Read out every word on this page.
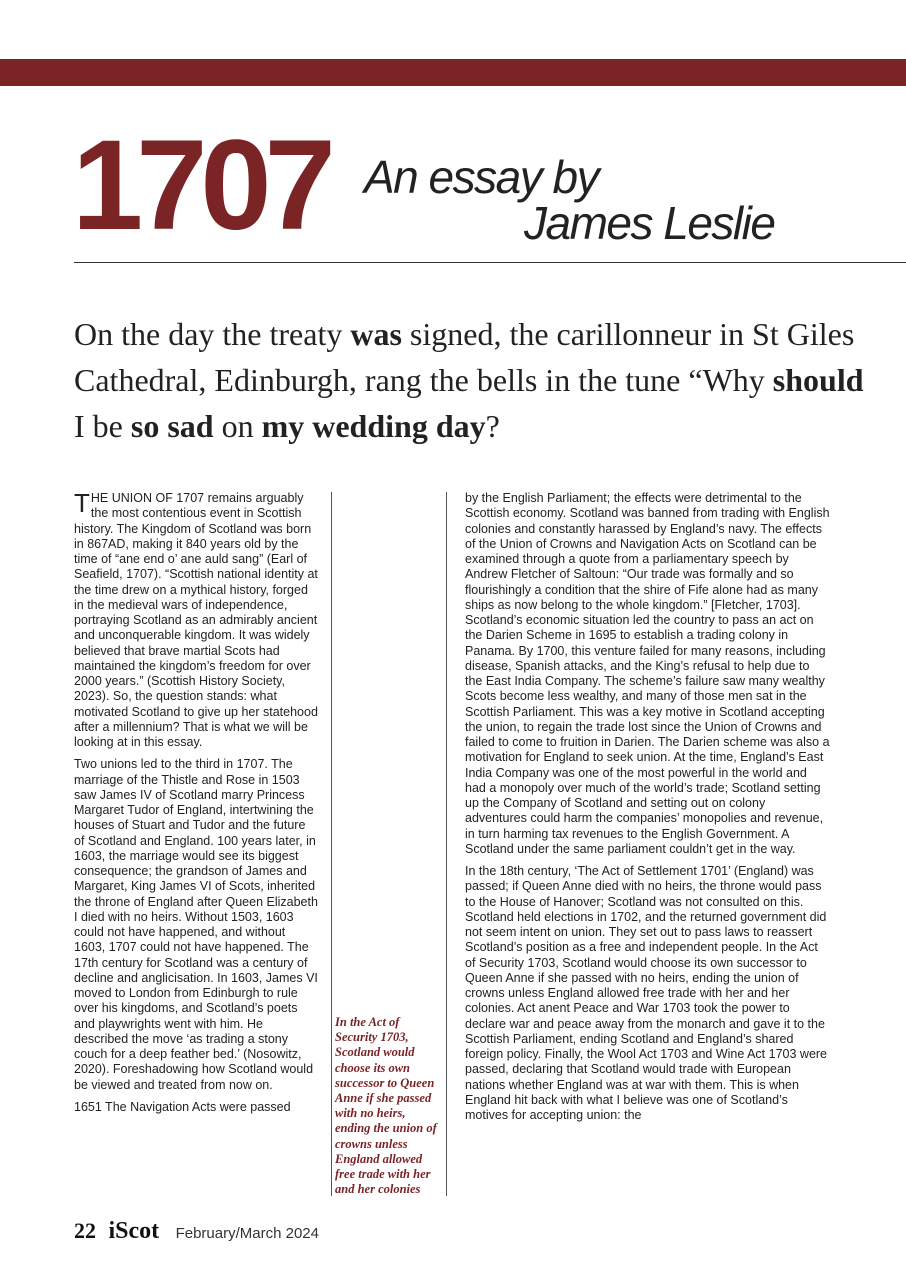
1707 An essay by
James Leslie

On the day the treaty was signed, the carillonneur in St Giles Cathedral, Edinburgh, rang the bells in the tune “Why should I be so sad on my wedding day?

THE UNION OF 1707 remains arguably the most contentious event in Scottish history. The Kingdom of Scotland was born in 867AD, making it 840 years old by the time of “ane end o’ ane auld sang” (Earl of Seafield, 1707). “Scottish national identity at the time drew on a mythical history, forged in the medieval wars of independence, portraying Scotland as an admirably ancient and unconquerable kingdom. It was widely believed that brave martial Scots had maintained the kingdom’s freedom for over 2000 years.” (Scottish History Society, 2023). So, the question stands: what motivated Scotland to give up her statehood after a millennium? That is what we will be looking at in this essay.

Two unions led to the third in 1707. The marriage of the Thistle and Rose in 1503 saw James IV of Scotland marry Princess Margaret Tudor of England, intertwining the houses of Stuart and Tudor and the future of Scotland and England. 100 years later, in 1603, the marriage would see its biggest consequence; the grandson of James and Margaret, King James VI of Scots, inherited the throne of England after Queen Elizabeth I died with no heirs. Without 1503, 1603 could not have happened, and without 1603, 1707 could not have happened. The 17th century for Scotland was a century of decline and anglicisation. In 1603, James VI moved to London from Edinburgh to rule over his kingdoms, and Scotland’s poets and playwrights went with him. He described the move ‘as trading a stony couch for a deep feather bed.’ (Nosowitz, 2020). Foreshadowing how Scotland would be viewed and treated from now on.

1651 The Navigation Acts were passed

In the Act of Security 1703, Scotland would choose its own successor to Queen Anne if she passed with no heirs, ending the union of crowns unless England allowed free trade with her and her colonies

by the English Parliament; the effects were detrimental to the Scottish economy. Scotland was banned from trading with English colonies and constantly harassed by England’s navy. The effects of the Union of Crowns and Navigation Acts on Scotland can be examined through a quote from a parliamentary speech by Andrew Fletcher of Saltoun: “Our trade was formally and so flourishingly a condition that the shire of Fife alone had as many ships as now belong to the whole kingdom.” [Fletcher, 1703]. Scotland’s economic situation led the country to pass an act on the Darien Scheme in 1695 to establish a trading colony in Panama. By 1700, this venture failed for many reasons, including disease, Spanish attacks, and the King’s refusal to help due to the East India Company. The scheme’s failure saw many wealthy Scots become less wealthy, and many of those men sat in the Scottish Parliament. This was a key motive in Scotland accepting the union, to regain the trade lost since the Union of Crowns and failed to come to fruition in Darien. The Darien scheme was also a motivation for England to seek union. At the time, England’s East India Company was one of the most powerful in the world and had a monopoly over much of the world’s trade; Scotland setting up the Company of Scotland and setting out on colony adventures could harm the companies’ monopolies and revenue, in turn harming tax revenues to the English Government. A Scotland under the same parliament couldn’t get in the way.

In the 18th century, ‘The Act of Settlement 1701’ (England) was passed; if Queen Anne died with no heirs, the throne would pass to the House of Hanover; Scotland was not consulted on this. Scotland held elections in 1702, and the returned government did not seem intent on union. They set out to pass laws to reassert Scotland’s position as a free and independent people. In the Act of Security 1703, Scotland would choose its own successor to Queen Anne if she passed with no heirs, ending the union of crowns unless England allowed free trade with her and her colonies. Act anent Peace and War 1703 took the power to declare war and peace away from the monarch and gave it to the Scottish Parliament, ending Scotland and England’s shared foreign policy. Finally, the Wool Act 1703 and Wine Act 1703 were passed, declaring that Scotland would trade with European nations whether England was at war with them. This is when England hit back with what I believe was one of Scotland’s motives for accepting union: the

22 iScot February/March 2024
